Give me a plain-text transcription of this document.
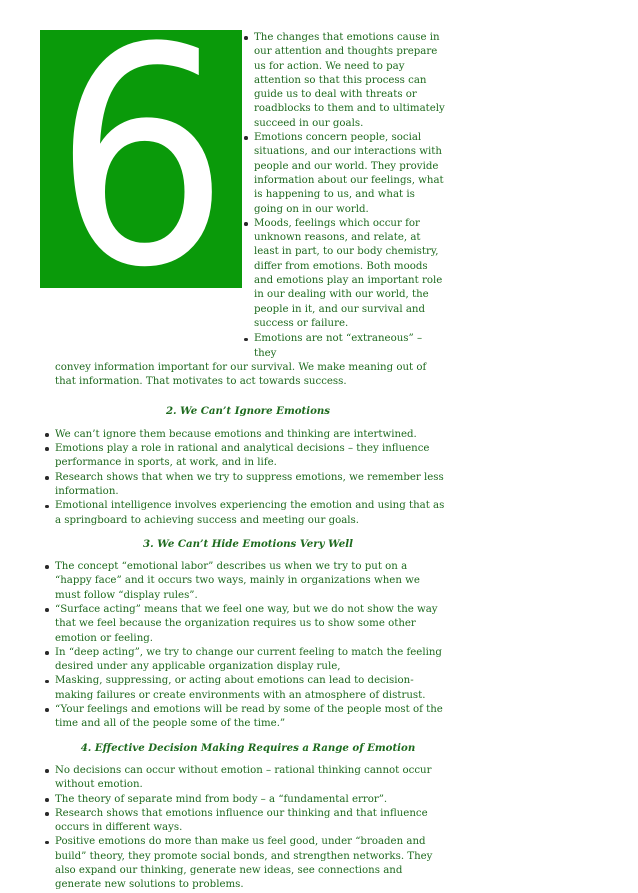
6 The changes that emotions cause in our attention and thoughts prepare us for action. We need to pay attention so that this process can guide us to deal with threats or roadblocks to them and to ultimately succeed in our goals.
Emotions concern people, social situations, and our interactions with people and our world. They provide information about our feelings, what is happening to us, and what is going on in our world.
Moods, feelings which occur for unknown reasons, and relate, at least in part, to our body chemistry, differ from emotions. Both moods and emotions play an important role in our dealing with our world, the people in it, and our survival and success or failure.
Emotions are not “extraneous” – they convey information important for our survival. We make meaning out of that information. That motivates to act towards success.
2. We Can’t Ignore Emotions
We can’t ignore them because emotions and thinking are intertwined.
Emotions play a role in rational and analytical decisions – they influence performance in sports, at work, and in life.
Research shows that when we try to suppress emotions, we remember less information.
Emotional intelligence involves experiencing the emotion and using that as a springboard to achieving success and meeting our goals.
3. We Can’t Hide Emotions Very Well
The concept “emotional labor” describes us when we try to put on a “happy face” and it occurs two ways, mainly in organizations when we must follow “display rules”.
“Surface acting” means that we feel one way, but we do not show the way that we feel because the organization requires us to show some other emotion or feeling.
In “deep acting”, we try to change our current feeling to match the feeling desired under any applicable organization display rule,
Masking, suppressing, or acting about emotions can lead to decision-making failures or create environments with an atmosphere of distrust.
“Your feelings and emotions will be read by some of the people most of the time and all of the people some of the time.”
4. Effective Decision Making Requires a Range of Emotion
No decisions can occur without emotion – rational thinking cannot occur without emotion.
The theory of separate mind from body – a “fundamental error”.
Research shows that emotions influence our thinking and that influence occurs in different ways.
Positive emotions do more than make us feel good, under “broaden and build” theory, they promote social bonds, and strengthen networks. They also expand our thinking, generate new ideas, see connections and generate new solutions to problems.
